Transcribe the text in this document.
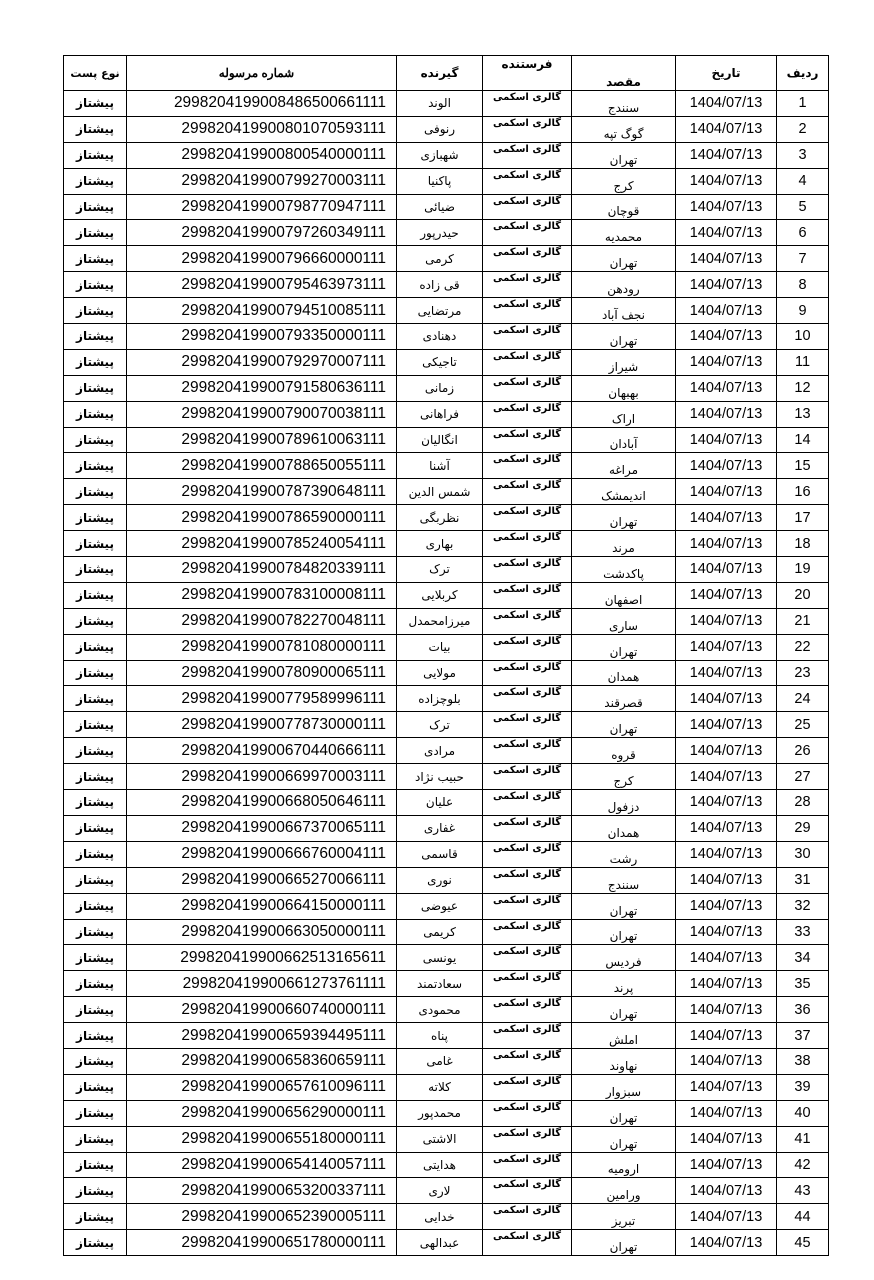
نوع پست	شماره مرسوله	گیرنده	فرستنده	مقصد	تاریخ	ردیف
پیشتاز	2998204199008486500661111	الوند	گالری اسکمی	سنندج	1404/07/13	1
پیشتاز	299820419900801070593111	رنوفی	گالری اسکمی	گوگ تپه	1404/07/13	2
پیشتاز	299820419900800540000111	شهبازی	گالری اسکمی	تهران	1404/07/13	3
پیشتاز	299820419900799270003111	پاکنیا	گالری اسکمی	کرج	1404/07/13	4
پیشتاز	299820419900798770947111	ضیائی	گالری اسکمی	قوچان	1404/07/13	5
پیشتاز	299820419900797260349111	حیدرپور	گالری اسکمی	محمدیه	1404/07/13	6
پیشتاز	299820419900796660000111	کرمی	گالری اسکمی	تهران	1404/07/13	7
پیشتاز	299820419900795463973111	قی زاده	گالری اسکمی	رودهن	1404/07/13	8
پیشتاز	299820419900794510085111	مرتضایی	گالری اسکمی	نجف آباد	1404/07/13	9
پیشتاز	299820419900793350000111	دهنادی	گالری اسکمی	تهران	1404/07/13	10
پیشتاز	299820419900792970007111	تاجیکی	گالری اسکمی	شیراز	1404/07/13	11
پیشتاز	299820419900791580636111	زمانی	گالری اسکمی	بهبهان	1404/07/13	12
پیشتاز	299820419900790070038111	فراهانی	گالری اسکمی	اراک	1404/07/13	13
پیشتاز	299820419900789610063111	انگالیان	گالری اسکمی	آبادان	1404/07/13	14
پیشتاز	299820419900788650055111	آشنا	گالری اسکمی	مراغه	1404/07/13	15
پیشتاز	299820419900787390648111	شمس الدین	گالری اسکمی	اندیمشک	1404/07/13	16
پیشتاز	299820419900786590000111	نظربگی	گالری اسکمی	تهران	1404/07/13	17
پیشتاز	299820419900785240054111	بهاری	گالری اسکمی	مرند	1404/07/13	18
پیشتاز	299820419900784820339111	ترک	گالری اسکمی	پاکدشت	1404/07/13	19
پیشتاز	299820419900783100008111	کربلایی	گالری اسکمی	اصفهان	1404/07/13	20
پیشتاز	299820419900782270048111	میرزامحمدل	گالری اسکمی	ساری	1404/07/13	21
پیشتاز	299820419900781080000111	بیات	گالری اسکمی	تهران	1404/07/13	22
پیشتاز	299820419900780900065111	مولایی	گالری اسکمی	همدان	1404/07/13	23
پیشتاز	299820419900779589996111	بلوچزاده	گالری اسکمی	قصرقند	1404/07/13	24
پیشتاز	299820419900778730000111	ترک	گالری اسکمی	تهران	1404/07/13	25
پیشتاز	299820419900670440666111	مرادی	گالری اسکمی	قروه	1404/07/13	26
پیشتاز	299820419900669970003111	حبیب نژاد	گالری اسکمی	کرج	1404/07/13	27
پیشتاز	299820419900668050646111	علیان	گالری اسکمی	دزفول	1404/07/13	28
پیشتاز	299820419900667370065111	غفاری	گالری اسکمی	همدان	1404/07/13	29
پیشتاز	299820419900666760004111	قاسمی	گالری اسکمی	رشت	1404/07/13	30
پیشتاز	299820419900665270066111	نوری	گالری اسکمی	سنندج	1404/07/13	31
پیشتاز	299820419900664150000111	عیوضی	گالری اسکمی	تهران	1404/07/13	32
پیشتاز	299820419900663050000111	کریمی	گالری اسکمی	تهران	1404/07/13	33
پیشتاز	299820419900662513165611	یونسی	گالری اسکمی	فردیس	1404/07/13	34
پیشتاز	299820419900661273761111	سعادتمند	گالری اسکمی	پرند	1404/07/13	35
پیشتاز	299820419900660740000111	محمودی	گالری اسکمی	تهران	1404/07/13	36
پیشتاز	299820419900659394495111	پناه	گالری اسکمی	املش	1404/07/13	37
پیشتاز	299820419900658360659111	غامی	گالری اسکمی	نهاوند	1404/07/13	38
پیشتاز	299820419900657610096111	کلاته	گالری اسکمی	سبزوار	1404/07/13	39
پیشتاز	299820419900656290000111	محمدپور	گالری اسکمی	تهران	1404/07/13	40
پیشتاز	299820419900655180000111	الاشتی	گالری اسکمی	تهران	1404/07/13	41
پیشتاز	299820419900654140057111	هدایتی	گالری اسکمی	ارومیه	1404/07/13	42
پیشتاز	299820419900653200337111	لاری	گالری اسکمی	ورامین	1404/07/13	43
پیشتاز	299820419900652390005111	خدایی	گالری اسکمی	تبریز	1404/07/13	44
پیشتاز	299820419900651780000111	عبدالهی	گالری اسکمی	تهران	1404/07/13	45
